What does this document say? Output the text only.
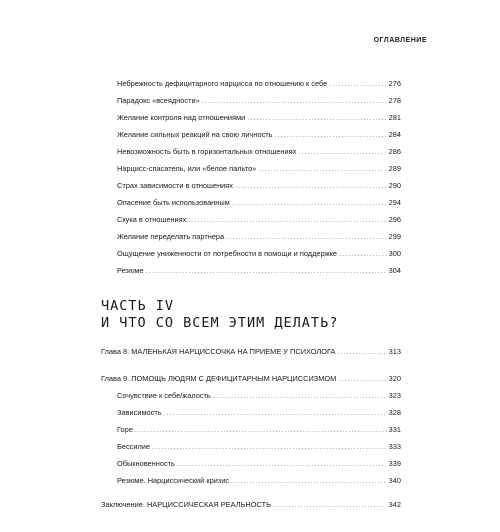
ОГЛАВЛЕНИЕ
Небрежность дефицитарного нарцисса по отношению к себе .....	276
Парадокс «всеядности» .....	278
Желание контроля над отношениями .....	281
Желание сильных реакций на свою личность .....	284
Невозможность быть в горизонтальных отношениях .....	286
Нарцисс-спасатель, или «белое пальто» .....	289
Страх зависимости в отношениях .....	290
Опасение быть использованным .....	294
Скука в отношениях .....	296
Желание переделать партнера .....	299
Ощущение униженности от потребности в помощи и поддержке .....	300
Резюме .....	304
ЧАСТЬ IV
И ЧТО СО ВСЕМ ЭТИМ ДЕЛАТЬ?
Глава 8. МАЛЕНЬКАЯ НАРЦИССОЧКА НА ПРИЕМЕ У ПСИХОЛОГА .....	313
Глава 9. ПОМОЩЬ ЛЮДЯМ С ДЕФИЦИТАРНЫМ НАРЦИССИЗМОМ .....	320
Сочувствие к себе/жалость .....	323
Зависимость .....	328
Горе .....	331
Бессилие .....	333
Обыкновенность .....	339
Резюме. Нарциссический кризис .....	340
Заключение. НАРЦИССИЧЕСКАЯ РЕАЛЬНОСТЬ .....	342
